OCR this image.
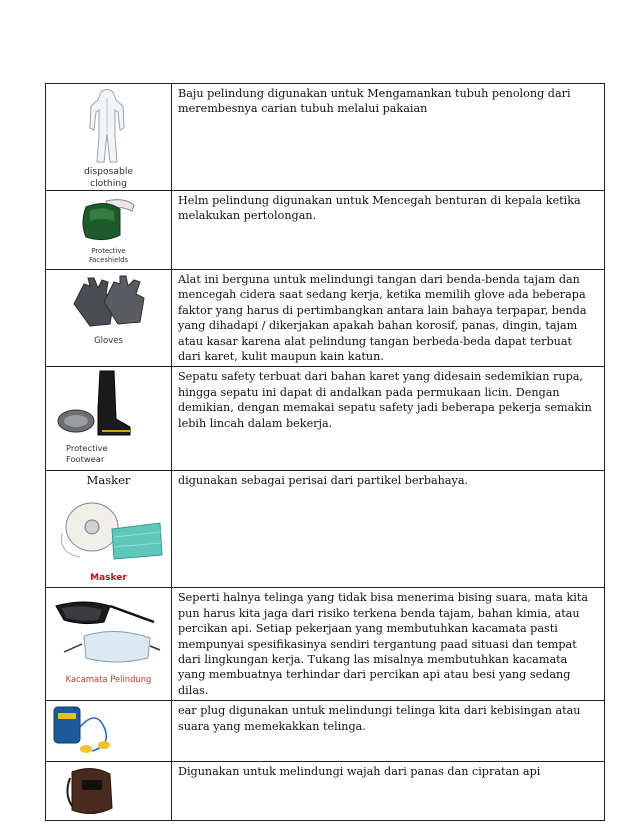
disposable
clothing	Baju pelindung digunakan untuk Mengamankan tubuh penolong dari merembesnya carian tubuh melalui pakaian

Protective
Faceshields	Helm pelindung digunakan untuk Mencegah benturan di kepala ketika melakukan pertolongan.

Gloves	Alat ini berguna untuk melindungi tangan dari benda-benda tajam dan mencegah cidera saat sedang kerja, ketika memilih glove ada beberapa faktor yang harus di pertimbangkan antara lain bahaya terpapar, benda yang dihadapi / dikerjakan apakah bahan korosif, panas, dingin, tajam atau kasar karena alat pelindung tangan berbeda-beda dapat terbuat dari karet, kulit maupun kain katun.

Protective
Footwear	Sepatu safety terbuat dari bahan karet yang didesain sedemikian rupa, hingga sepatu ini dapat di andalkan pada permukaan licin. Dengan demikian, dengan memakai sepatu safety jadi beberapa pekerja semakin lebih lincah dalam bekerja.

Masker
Masker	digunakan sebagai perisai dari partikel berbahaya.

Kacamata Pelindung	Seperti halnya telinga yang tidak bisa menerima bising suara, mata kita pun harus kita jaga dari risiko terkena benda tajam, bahan kimia, atau percikan api. Setiap pekerjaan yang membutuhkan kacamata pasti mempunyai spesifikasinya sendiri tergantung paad situasi dan tempat dari lingkungan kerja. Tukang las misalnya membutuhkan kacamata yang membuatnya terhindar dari percikan api atau besi yang sedang dilas.

	ear plug digunakan untuk melindungi telinga kita dari kebisingan atau suara yang memekakkan telinga.

	Digunakan untuk melindungi wajah dari panas dan cipratan api
